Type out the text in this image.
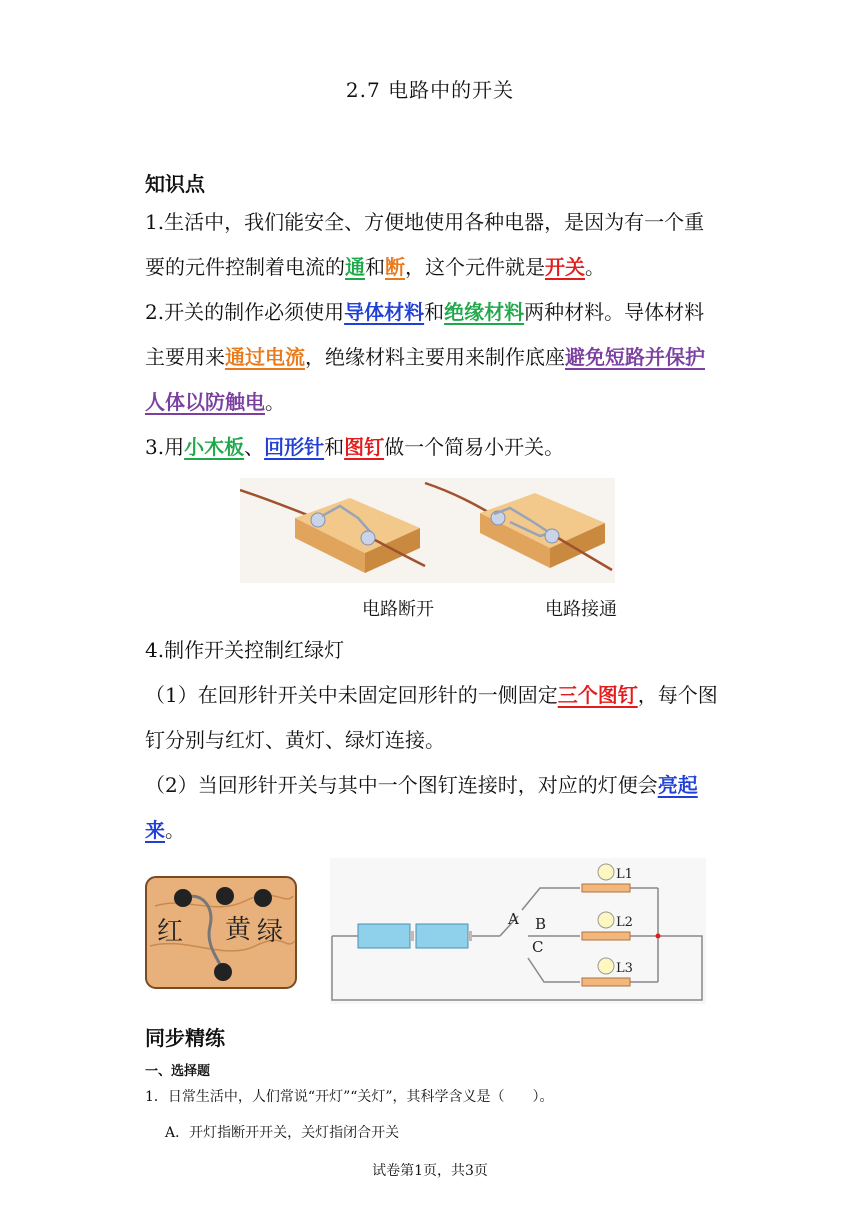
2.7 电路中的开关
知识点
1.生活中，我们能安全、方便地使用各种电器，是因为有一个重要的元件控制着电流的通和断，这个元件就是开关。
2.开关的制作必须使用导体材料和绝缘材料两种材料。导体材料主要用来通过电流，绝缘材料主要用来制作底座避免短路并保护人体以防触电。
3.用小木板、回形针和图钉做一个简易小开关。
电路断开	电路接通
4.制作开关控制红绿灯
（1）在回形针开关中未固定回形针的一侧固定三个图钉，每个图钉分别与红灯、黄灯、绿灯连接。
（2）当回形针开关与其中一个图钉连接时，对应的灯便会亮起来。
红 黄 绿	A B
C
L1
L2
L3
同步精练
一、选择题
1．日常生活中，人们常说“开灯”“关灯”，其科学含义是（　　）。
A．开灯指断开开关，关灯指闭合开关
试卷第1页，共3页
